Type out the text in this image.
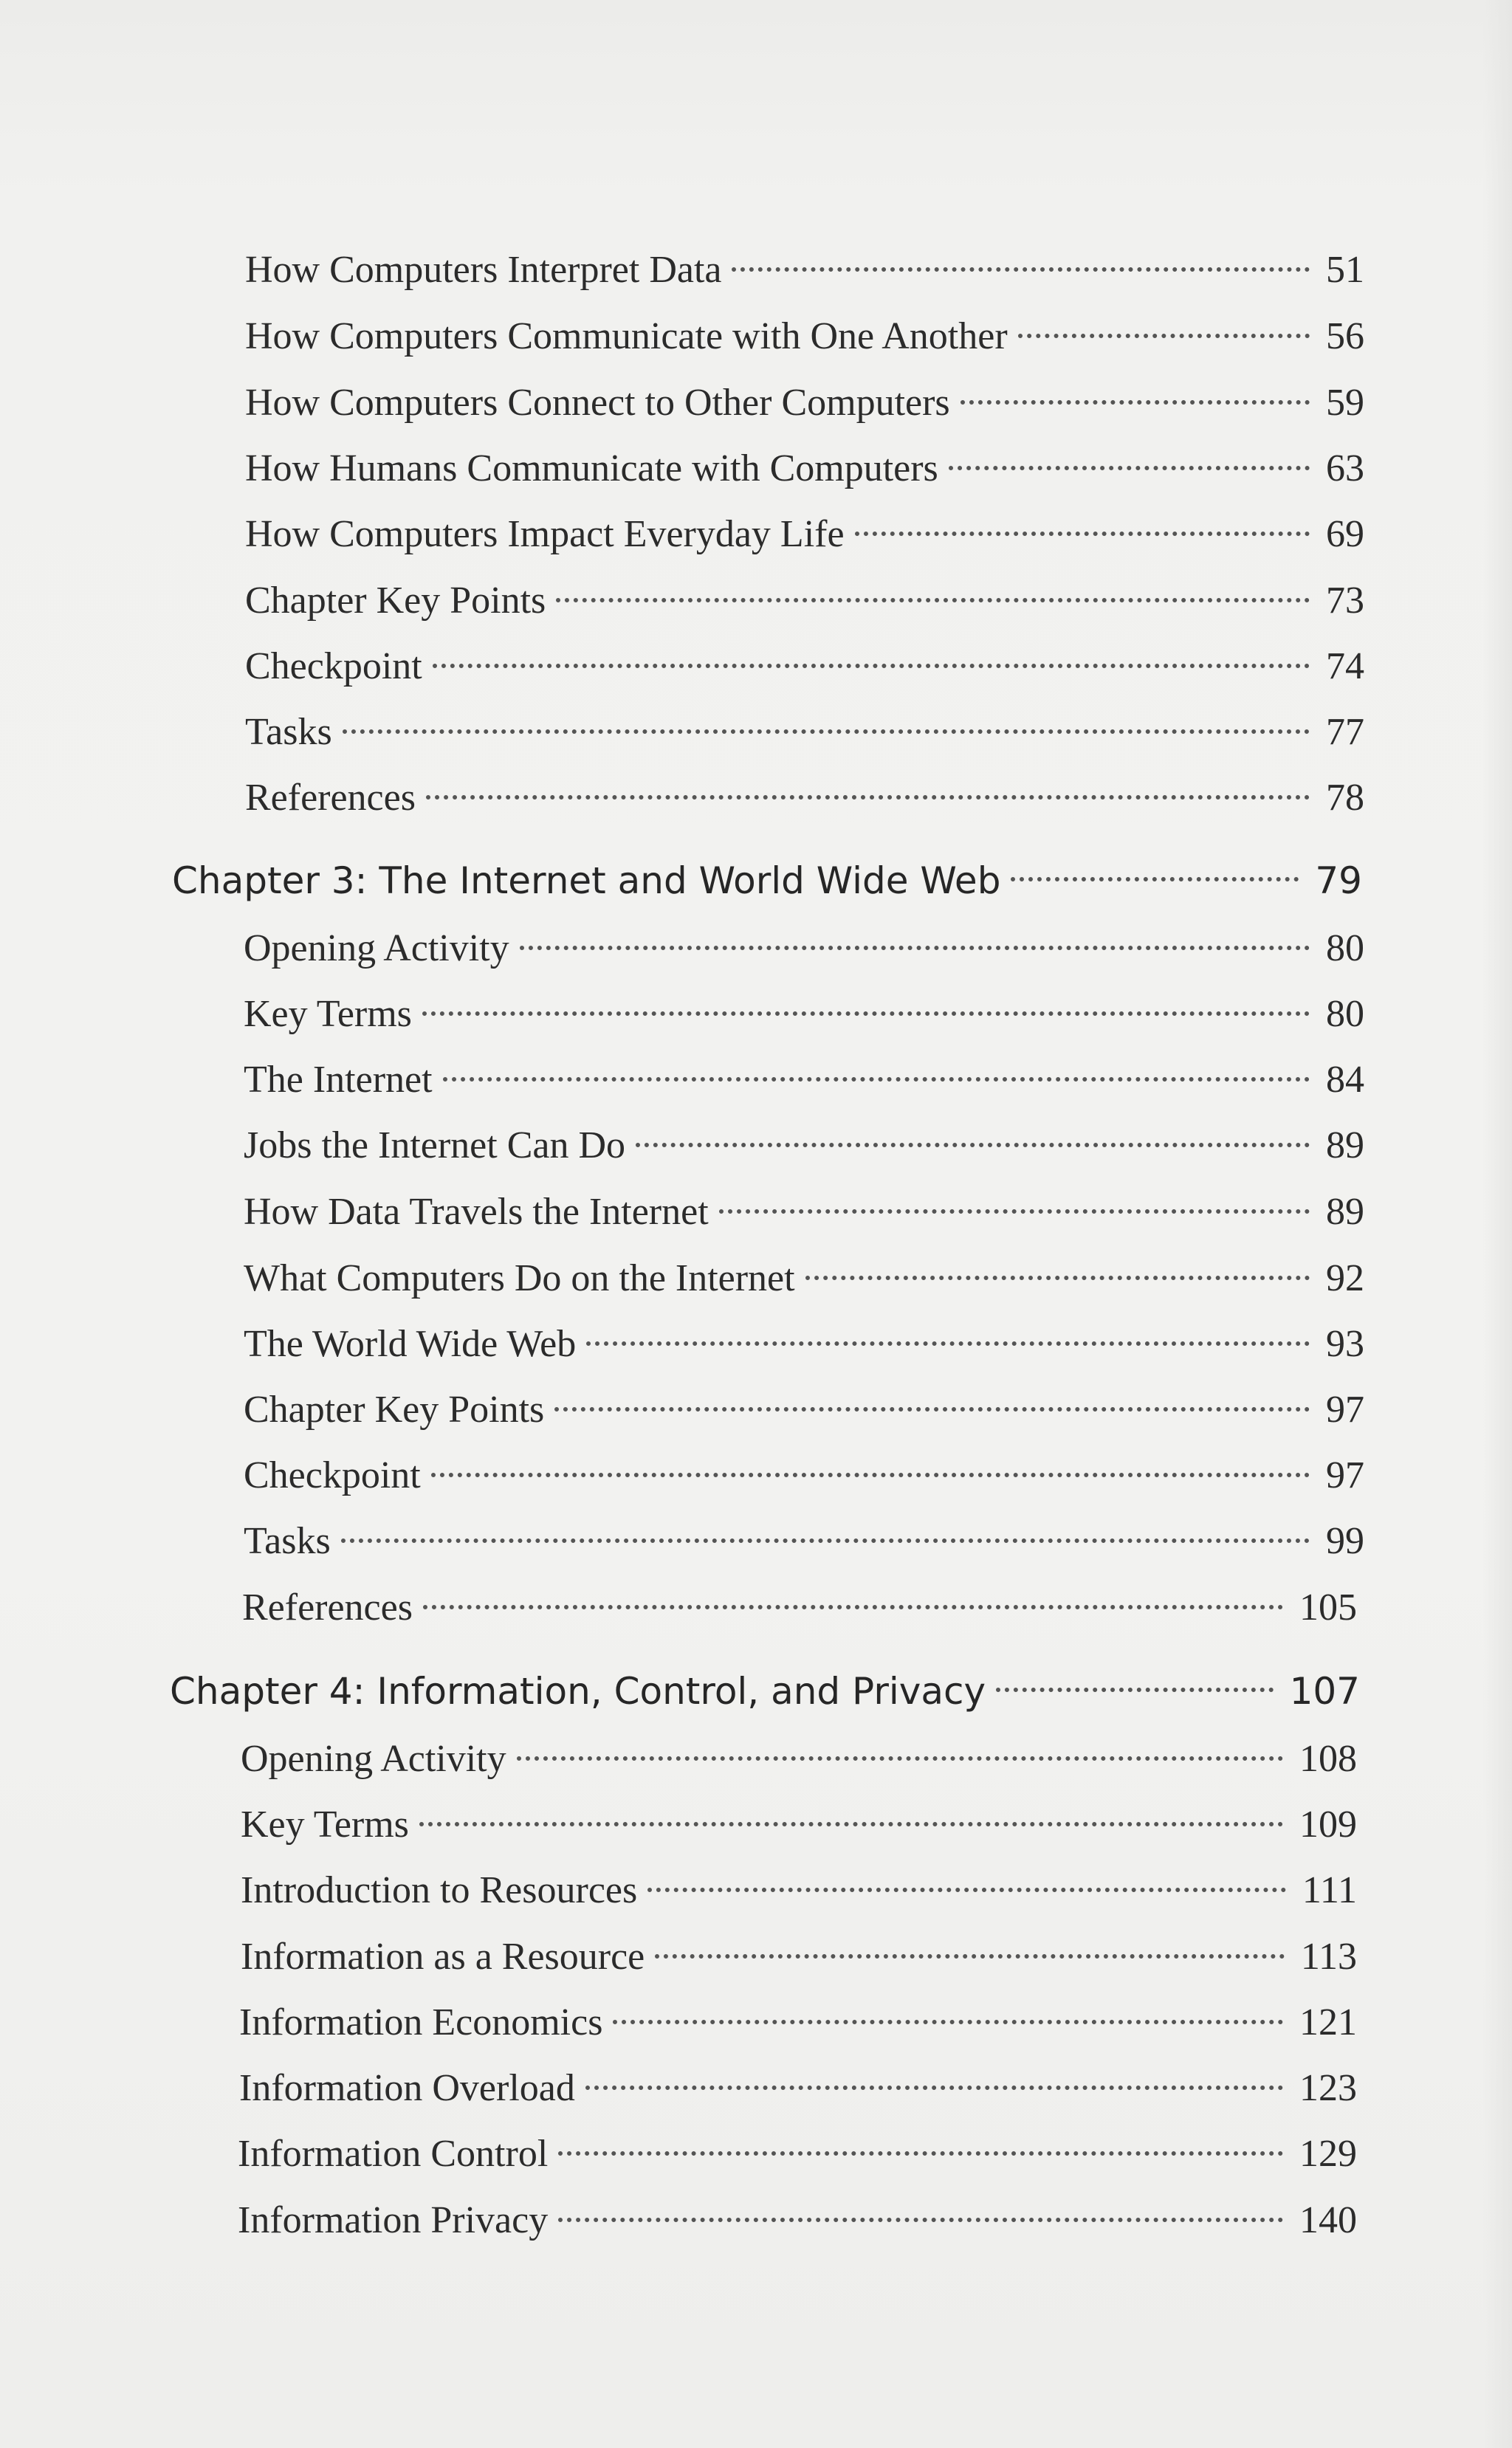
How Computers Interpret Data	51
How Computers Communicate with One Another	56
How Computers Connect to Other Computers	59
How Humans Communicate with Computers	63
How Computers Impact Everyday Life	69
Chapter Key Points	73
Checkpoint	74
Tasks	77
References	78
Chapter 3: The Internet and World Wide Web	79
Opening Activity	80
Key Terms	80
The Internet	84
Jobs the Internet Can Do	89
How Data Travels the Internet	89
What Computers Do on the Internet	92
The World Wide Web	93
Chapter Key Points	97
Checkpoint	97
Tasks	99
References	105
Chapter 4: Information, Control, and Privacy	107
Opening Activity	108
Key Terms	109
Introduction to Resources	111
Information as a Resource	113
Information Economics	121
Information Overload	123
Information Control	129
Information Privacy	140
